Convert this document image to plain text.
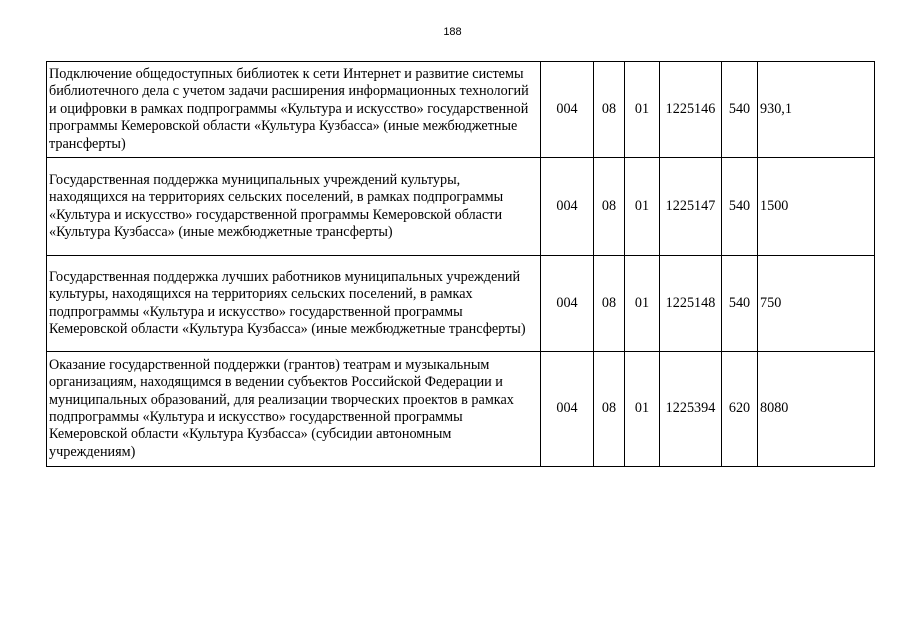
188
Подключение общедоступных библиотек к сети Интернет и развитие системы библиотечного дела с учетом задачи расширения информационных технологий и оцифровки в рамках подпрограммы «Культура и искусство» государственной программы Кемеровской области «Культура Кузбасса» (иные межбюджетные трансферты)	004	08	01	1225146	540	930,1
Государственная поддержка муниципальных учреждений культуры, находящихся на территориях сельских поселений, в рамках подпрограммы «Культура и искусство» государственной программы Кемеровской области «Культура Кузбасса» (иные межбюджетные трансферты)	004	08	01	1225147	540	1500
Государственная поддержка лучших работников муниципальных учреждений культуры, находящихся на территориях сельских поселений, в рамках подпрограммы «Культура и искусство» государственной программы Кемеровской области «Культура Кузбасса» (иные межбюджетные трансферты)	004	08	01	1225148	540	750
Оказание государственной поддержки (грантов) театрам и музыкальным организациям, находящимся в ведении субъектов Российской Федерации и муниципальных образований, для реализации творческих проектов в рамках подпрограммы «Культура и искусство» государственной программы Кемеровской области «Культура Кузбасса» (субсидии автономным учреждениям)	004	08	01	1225394	620	8080
